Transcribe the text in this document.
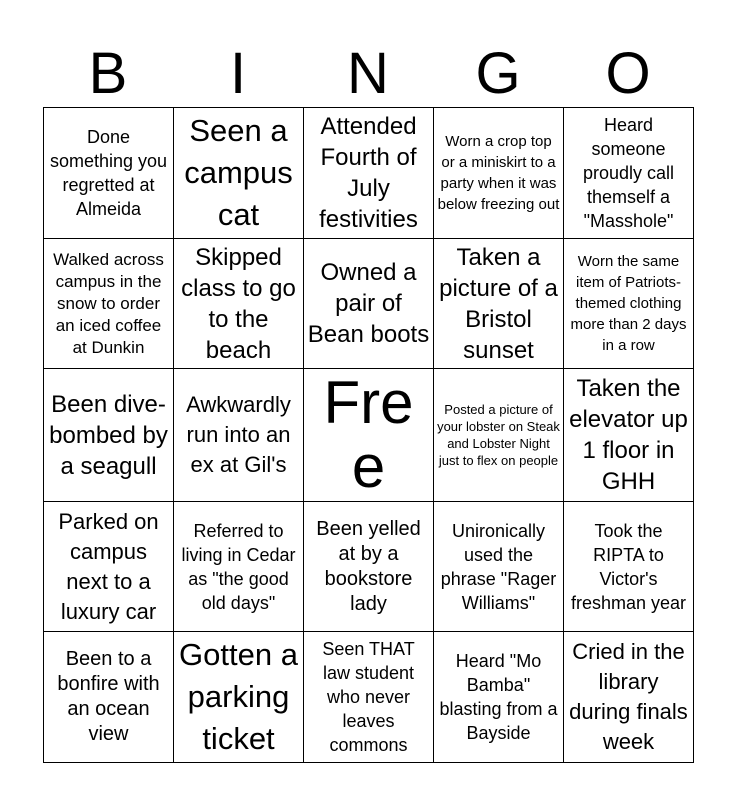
B	I	N	G	O
Done something you regretted at Almeida	Seen a campus cat	Attended Fourth of July festivities	Worn a crop top or a miniskirt to a party when it was below freezing out	Heard someone proudly call themself a "Masshole"

Walked across campus in the snow to order an iced coffee at Dunkin	Skipped class to go to the beach	Owned a pair of Bean boots	Taken a picture of a Bristol sunset	Worn the same item of Patriots-themed clothing more than 2 days in a row

Been dive-bombed by a seagull	Awkwardly run into an ex at Gil's	Free	Posted a picture of your lobster on Steak and Lobster Night just to flex on people	Taken the elevator up 1 floor in GHH

Parked on campus next to a luxury car	Referred to living in Cedar as "the good old days"	Been yelled at by a bookstore lady	Unironically used the phrase "Rager Williams"	Took the RIPTA to Victor's freshman year

Been to a bonfire with an ocean view	Gotten a parking ticket	Seen THAT law student who never leaves commons	Heard "Mo Bamba" blasting from a Bayside	Cried in the library during finals week
